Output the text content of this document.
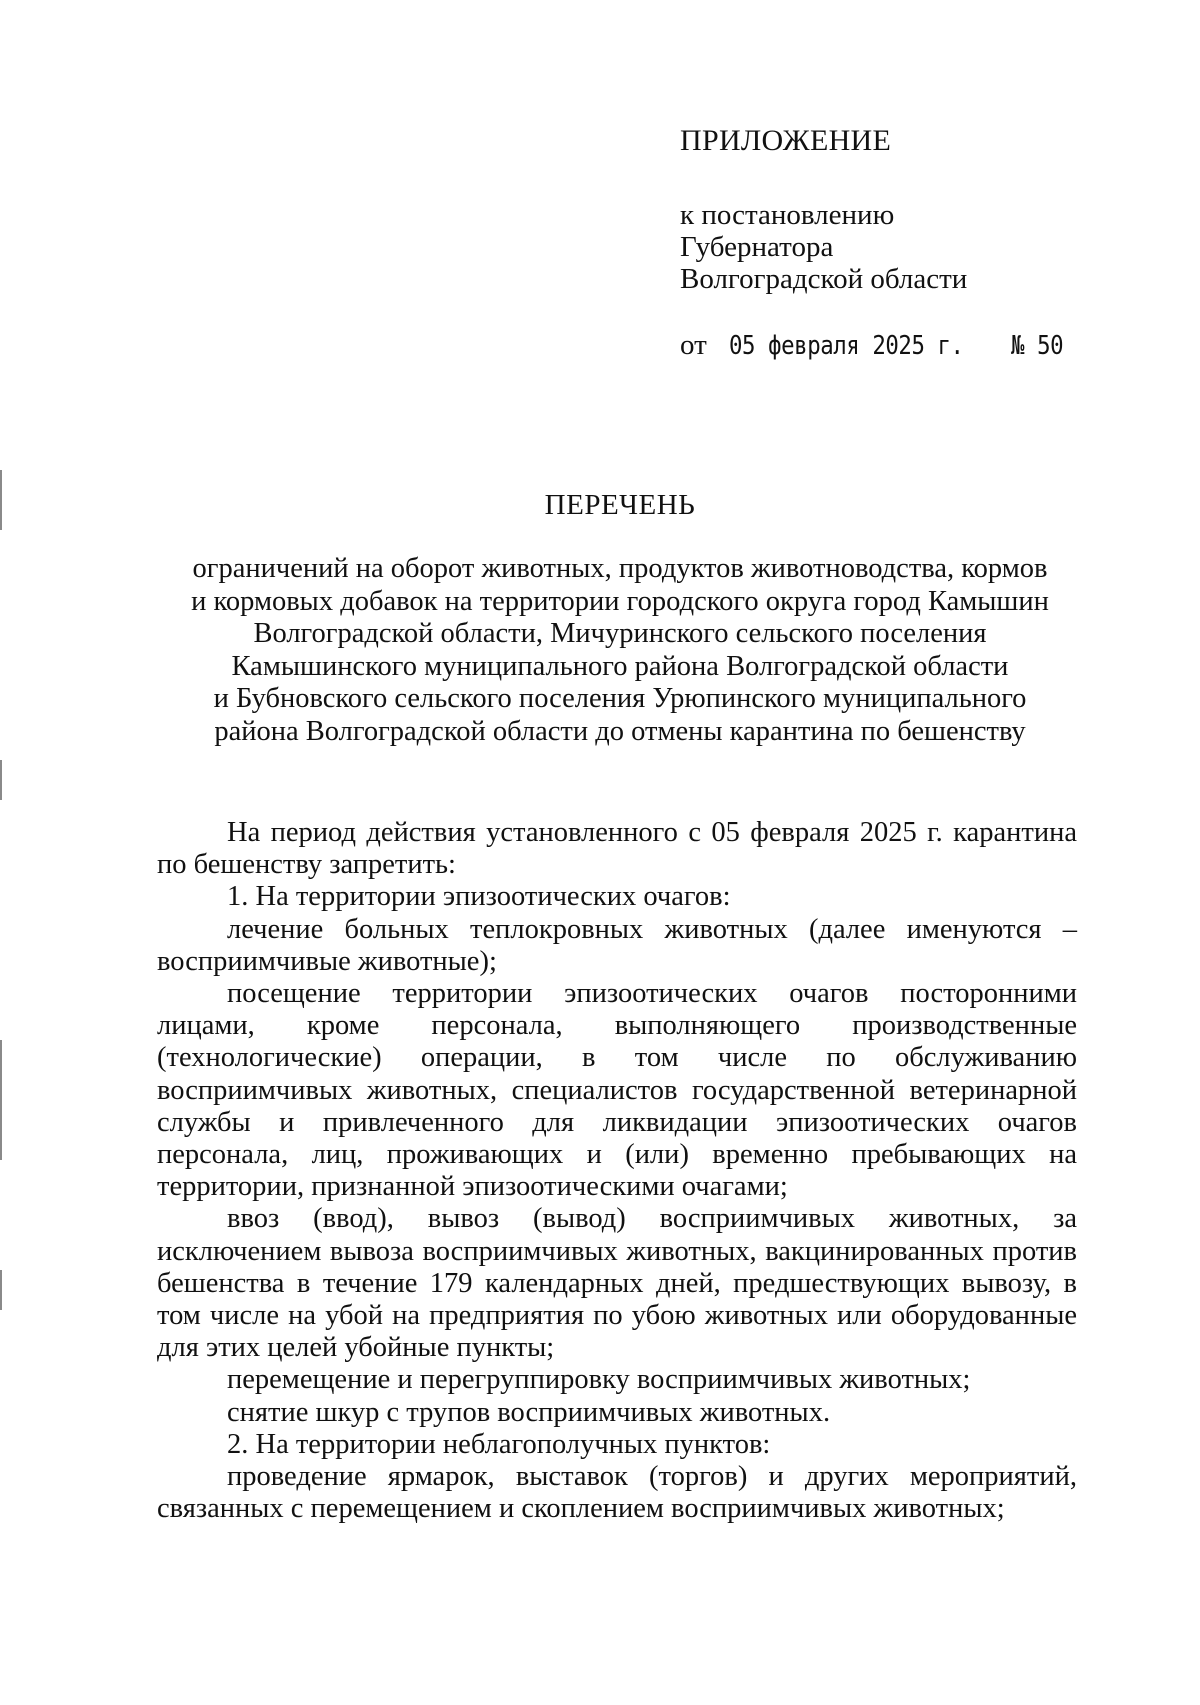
ПРИЛОЖЕНИЕ
к постановлению
Губернатора
Волгоградской области
от 05 февраля 2025 г. № 50
ПЕРЕЧЕНЬ
ограничений на оборот животных, продуктов животноводства, кормов
и кормовых добавок на территории городского округа город Камышин
Волгоградской области, Мичуринского сельского поселения
Камышинского муниципального района Волгоградской области
и Бубновского сельского поселения Урюпинского муниципального
района Волгоградской области до отмены карантина по бешенству

На период действия установленного с 05 февраля 2025 г. карантина по бешенству запретить:

1. На территории эпизоотических очагов:

лечение больных теплокровных животных (далее именуются – восприимчивые животные);

посещение территории эпизоотических очагов посторонними лицами, кроме персонала, выполняющего производственные (технологические) операции, в том числе по обслуживанию восприимчивых животных, специалистов государственной ветеринарной службы и привлеченного для ликвидации эпизоотических очагов персонала, лиц, проживающих и (или) временно пребывающих на территории, признанной эпизоотическими очагами;

ввоз (ввод), вывоз (вывод) восприимчивых животных, за исключением вывоза восприимчивых животных, вакцинированных против бешенства в течение 179 календарных дней, предшествующих вывозу, в том числе на убой на предприятия по убою животных или оборудованные для этих целей убойные пункты;

перемещение и перегруппировку восприимчивых животных;

снятие шкур с трупов восприимчивых животных.

2. На территории неблагополучных пунктов:

проведение ярмарок, выставок (торгов) и других мероприятий, связанных с перемещением и скоплением восприимчивых животных;
